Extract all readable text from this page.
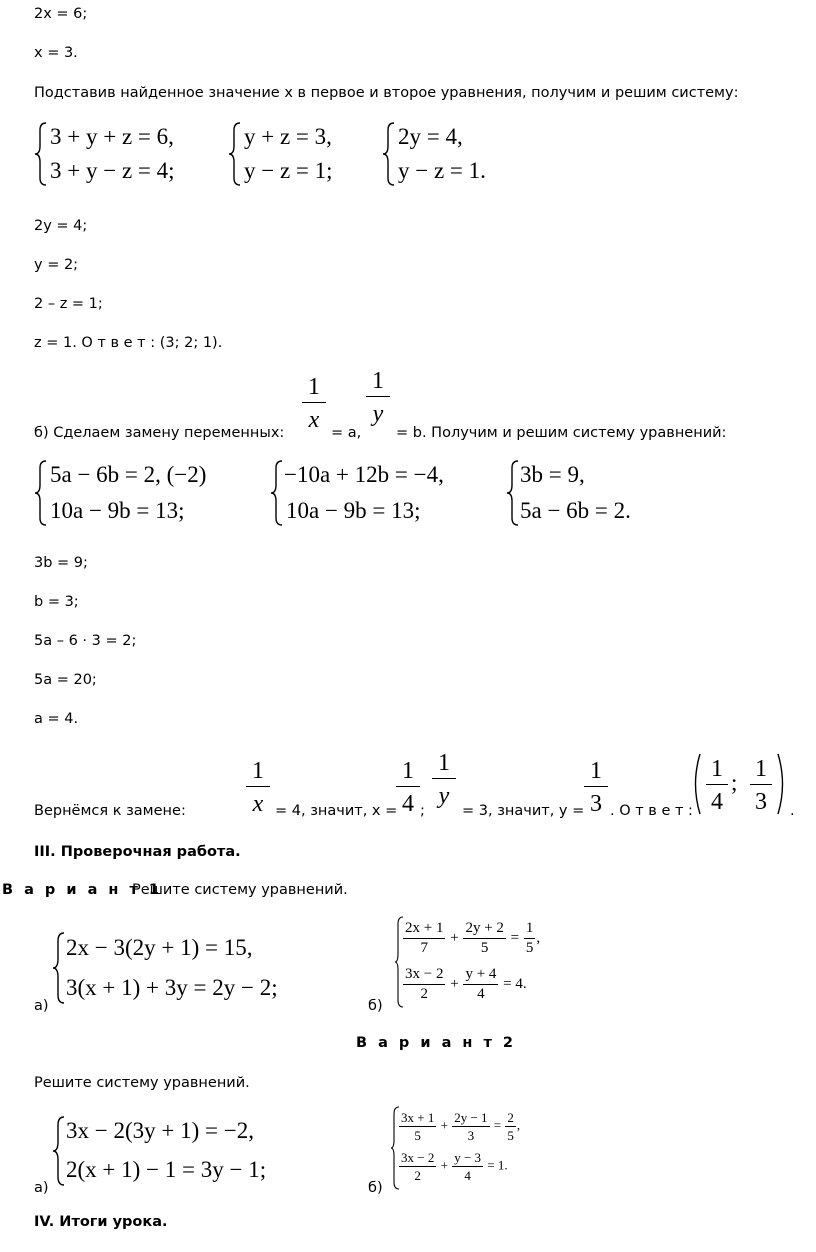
2x = 6;
x = 3.
Подставив найденное значение x в первое и второе уравнения, получим и решим систему:
3 + y + z = 6,
3 + y − z = 4;
y + z = 3,
y − z = 1;
2y = 4,
y − z = 1.
2y = 4;
y = 2;
2 – z = 1;
z = 1. О т в е т : (3; 2; 1).
б) Сделаем замену переменных: $\frac{1}{x} = a$,
$\frac{1}{y}$
= b. Получим и решим систему уравнений:
5a − 6b = 2, (−2)
10a − 9b = 13;
−10a + 12b = −4,
10a − 9b = 13;
3b = 9,
5a − 6b = 2.
3b = 9;
b = 3;
5a – 6 · 3 = 2;
5a = 20;
a = 4.
Вернёмся к замене:	$\frac{1}{x} = 4$, значит, x =
$\frac{1}{4}$ ;
$\frac{1}{y}$
= 3, значит, $y = \frac{1}{3}$ . О т в е т : $\frac{1}{4}$ ; $\frac{1}{3}$ .
III. Проверочная работа.
В а р и а н т 1
Решите систему уравнений.
а)
2x − 3(2y + 1) = 15,
3(x + 1) + 3y = 2y − 2;
б)
$\frac{2x + 1}{7} + \frac{2y + 2}{5} = \frac{1}{5}$ ,
$\frac{3x - 2}{2} + \frac{y + 4}{4} = 4$.
В а р и а н т 2
Решите систему уравнений.
а)
3x − 2(3y + 1) = −2,
2(x + 1) − 1 = 3y − 1;
б)
$\frac{3x + 1}{5} + \frac{2y - 1}{3} = \frac{2}{5}$ ,
$\frac{3x - 2}{2} + \frac{y - 3}{4} = 1$.
IV. Итоги урока.
